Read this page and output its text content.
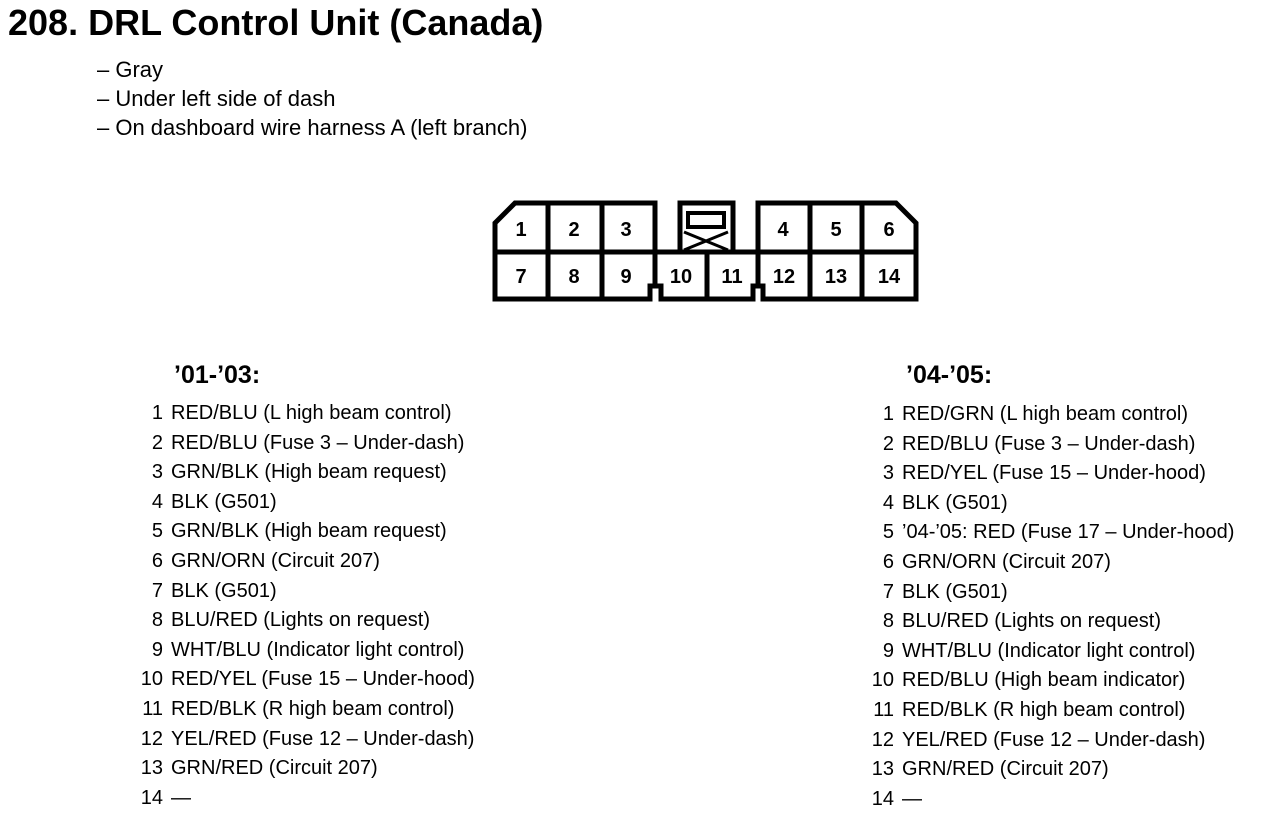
208. DRL Control Unit (Canada)
– Gray
– Under left side of dash
– On dashboard wire harness A (left branch)
1 2 3	4 5 6
7 8 9 10 11 12 13 14
’01-’03:	’04-’05:
1 RED/BLU (L high beam control)
2 RED/BLU (Fuse 3 – Under-dash)
3 GRN/BLK (High beam request)
4 BLK (G501)
5 GRN/BLK (High beam request)
6 GRN/ORN (Circuit 207)
7 BLK (G501)
8 BLU/RED (Lights on request)
9 WHT/BLU (Indicator light control)
10 RED/YEL (Fuse 15 – Under-hood)
11 RED/BLK (R high beam control)
12 YEL/RED (Fuse 12 – Under-dash)
13 GRN/RED (Circuit 207)
14 —
1 RED/GRN (L high beam control)
2 RED/BLU (Fuse 3 – Under-dash)
3 RED/YEL (Fuse 15 – Under-hood)
4 BLK (G501)
5 ’04-’05: RED (Fuse 17 – Under-hood)
6 GRN/ORN (Circuit 207)
7 BLK (G501)
8 BLU/RED (Lights on request)
9 WHT/BLU (Indicator light control)
10 RED/BLU (High beam indicator)
11 RED/BLK (R high beam control)
12 YEL/RED (Fuse 12 – Under-dash)
13 GRN/RED (Circuit 207)
14 —
